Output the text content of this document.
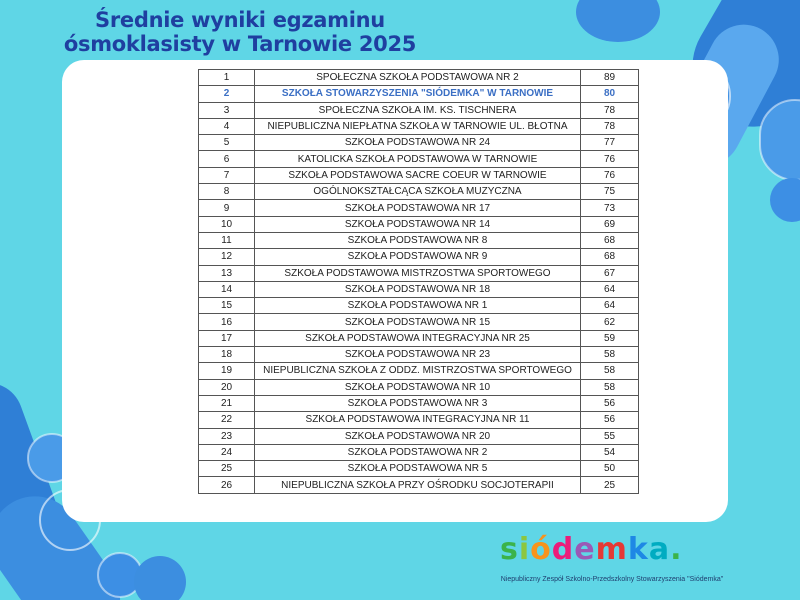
Średnie wyniki egzaminu
ósmoklasisty w Tarnowie 2025
1	SPOŁECZNA SZKOŁA PODSTAWOWA NR 2	89
2	SZKOŁA STOWARZYSZENIA "SIÓDEMKA" W TARNOWIE	80
3	SPOŁECZNA SZKOŁA IM. KS. TISCHNERA	78
4	NIEPUBLICZNA NIEPŁATNA SZKOŁA W TARNOWIE UL. BŁOTNA	78
5	SZKOŁA PODSTAWOWA NR 24	77
6	KATOLICKA SZKOŁA PODSTAWOWA W TARNOWIE	76
7	SZKOŁA PODSTAWOWA SACRE COEUR W TARNOWIE	76
8	OGÓLNOKSZTAŁCĄCA SZKOŁA MUZYCZNA	75
9	SZKOŁA PODSTAWOWA NR 17	73
10	SZKOŁA PODSTAWOWA NR 14	69
11	SZKOŁA PODSTAWOWA NR 8	68
12	SZKOŁA PODSTAWOWA NR 9	68
13	SZKOŁA PODSTAWOWA MISTRZOSTWA SPORTOWEGO	67
14	SZKOŁA PODSTAWOWA NR 18	64
15	SZKOŁA PODSTAWOWA NR 1	64
16	SZKOŁA PODSTAWOWA NR 15	62
17	SZKOŁA PODSTAWOWA INTEGRACYJNA NR 25	59
18	SZKOŁA PODSTAWOWA NR 23	58
19	NIEPUBLICZNA SZKOŁA Z ODDZ. MISTRZOSTWA SPORTOWEGO	58
20	SZKOŁA PODSTAWOWA NR 10	58
21	SZKOŁA PODSTAWOWA NR 3	56
22	SZKOŁA PODSTAWOWA INTEGRACYJNA NR 11	56
23	SZKOŁA PODSTAWOWA NR 20	55
24	SZKOŁA PODSTAWOWA NR 2	54
25	SZKOŁA PODSTAWOWA NR 5	50
26	NIEPUBLICZNA SZKOŁA PRZY OŚRODKU SOCJOTERAPII	25
siódemka.
Niepubliczny Zespół Szkolno-Przedszkolny Stowarzyszenia "Siódemka"
